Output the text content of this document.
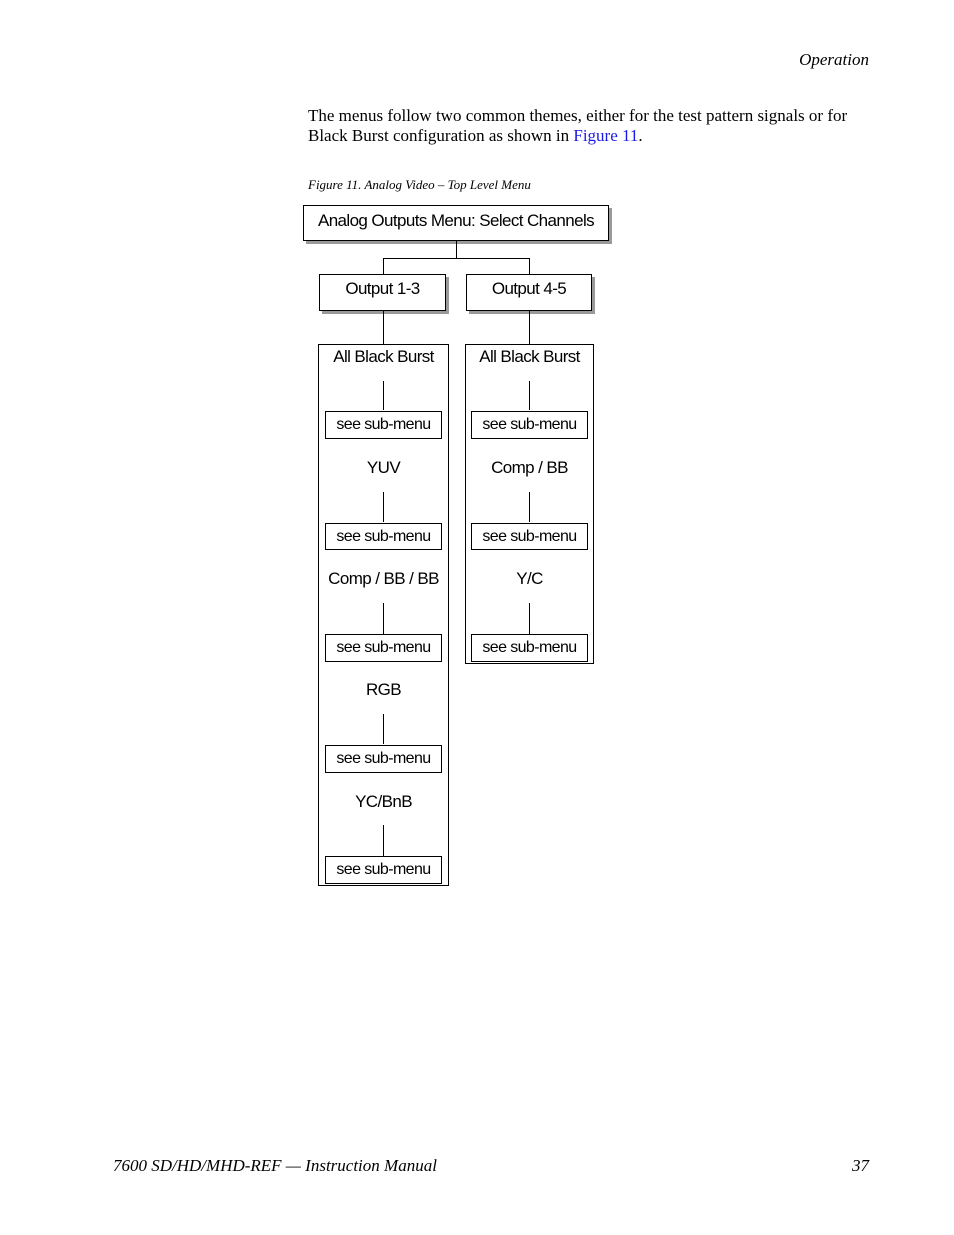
Operation
The menus follow two common themes, either for the test pattern signals or for Black Burst configuration as shown in Figure 11.
Figure 11. Analog Video – Top Level Menu
Analog Outputs Menu: Select Channels
Output 1-3	Output 4-5
All Black Burst
see sub-menu
YUV
see sub-menu
Comp / BB / BB
see sub-menu
RGB
see sub-menu
YC/BnB
see sub-menu
All Black Burst
see sub-menu
Comp / BB
see sub-menu
Y/C
see sub-menu
7600 SD/HD/MHD-REF — Instruction Manual	37
